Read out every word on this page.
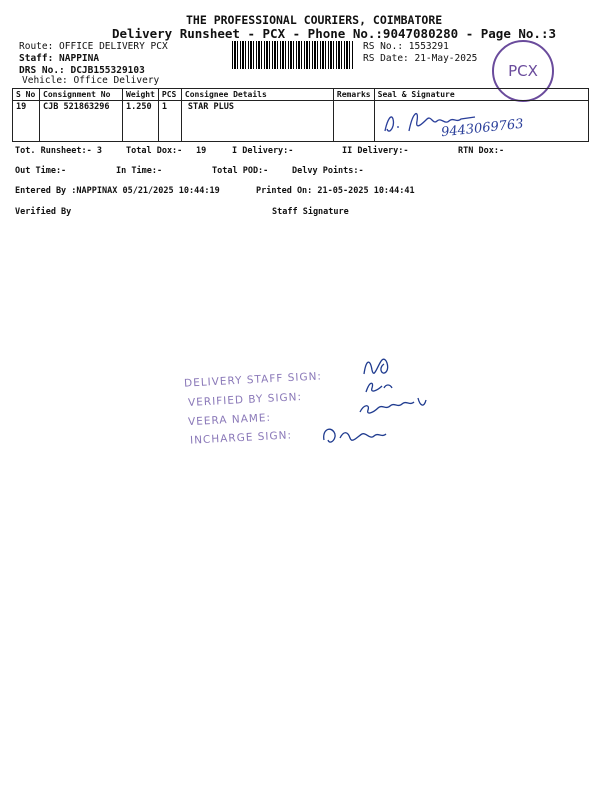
THE PROFESSIONAL COURIERS, COIMBATORE
Delivery Runsheet - PCX - Phone No.:9047080280 - Page No.:3
Route: OFFICE DELIVERY PCX
Staff: NAPPINA
DRS No.: DCJB155329103
Vehicle: Office Delivery
RS No.: 1553291
RS Date: 21-May-2025
PCX
S No	Consignment No	Weight	PCS	Consignee Details	Remarks	Seal & Signature
19	CJB 521863296	1.250	1	STAR PLUS		9443069763
Tot. Runsheet:- 3	Total Dox:- 19	I Delivery:-	II Delivery:-	RTN Dox:-
Out Time:-	In Time:-	Total POD:-	Delvy Points:-
Entered By :NAPPINAX 05/21/2025 10:44:19	Printed On: 21-05-2025 10:44:41
Verified By	Staff Signature
DELIVERY STAFF SIGN:
VERIFIED BY SIGN:
VEERA NAME:
INCHARGE SIGN:
